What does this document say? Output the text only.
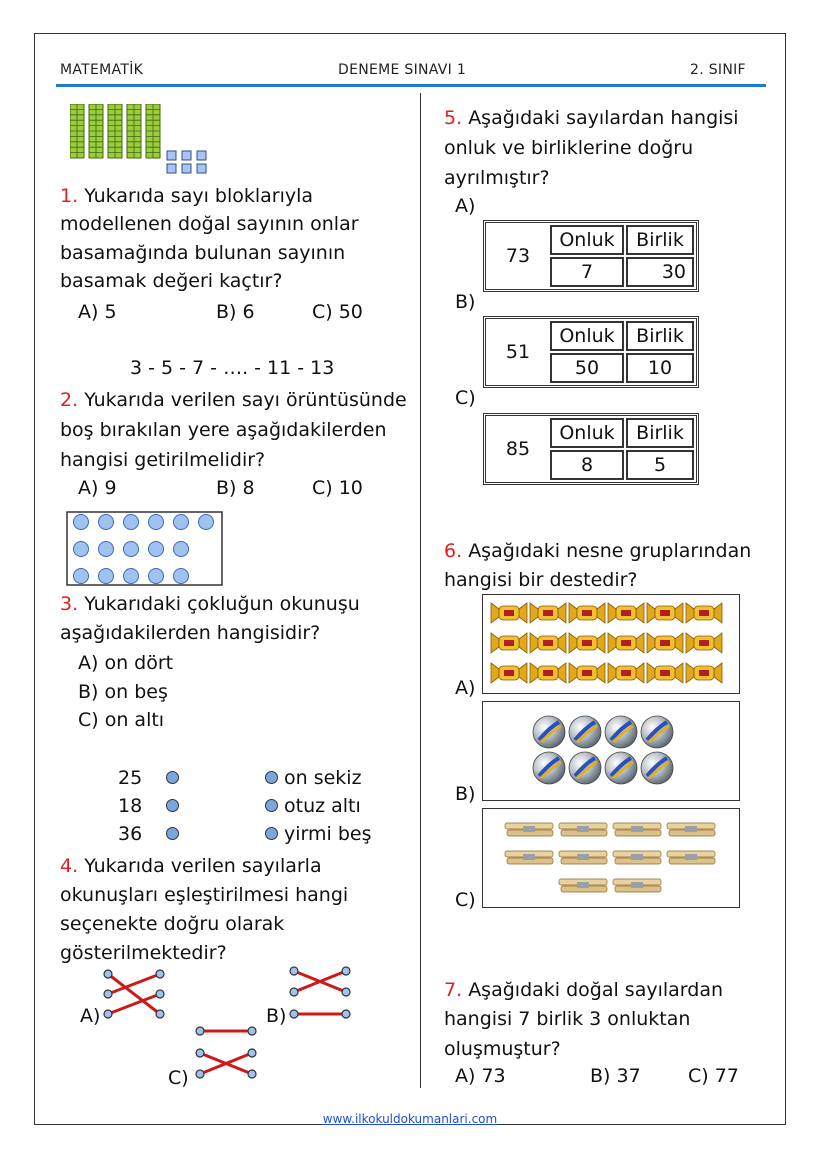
MATEMATİK	DENEME SINAVI 1	2. SINIF
1. Yukarıda sayı bloklarıyla
modellenen doğal sayının onlar
basamağında bulunan sayının
basamak değeri kaçtır?
A) 5	B) 6	C) 50
3 - 5 - 7 - …. - 11 - 13
2. Yukarıda verilen sayı örüntüsünde
boş bırakılan yere aşağıdakilerden
hangisi getirilmelidir?
A) 9	B) 8	C) 10
3. Yukarıdaki çokluğun okunuşu
aşağıdakilerden hangisidir?
A) on dört
B) on beş
C) on altı
25
18
36
on sekiz
otuz altı
yirmi beş
4. Yukarıda verilen sayılarla
okunuşları eşleştirilmesi hangi
seçenekte doğru olarak
gösterilmektedir?
A)	B)
C)
5. Aşağıdaki sayılardan hangisi
onluk ve birliklerine doğru
ayrılmıştır?
A)
73	Onluk	Birlik
	7	30
B)
51	Onluk	Birlik
	50	10
C)
85	Onluk	Birlik
	8	5
6. Aşağıdaki nesne gruplarından
hangisi bir destedir?
A)
B)
C)
7. Aşağıdaki doğal sayılardan
hangisi 7 birlik 3 onluktan
oluşmuştur?
A) 73	B) 37 C) 77
www.ilkokuldokumanlari.com
